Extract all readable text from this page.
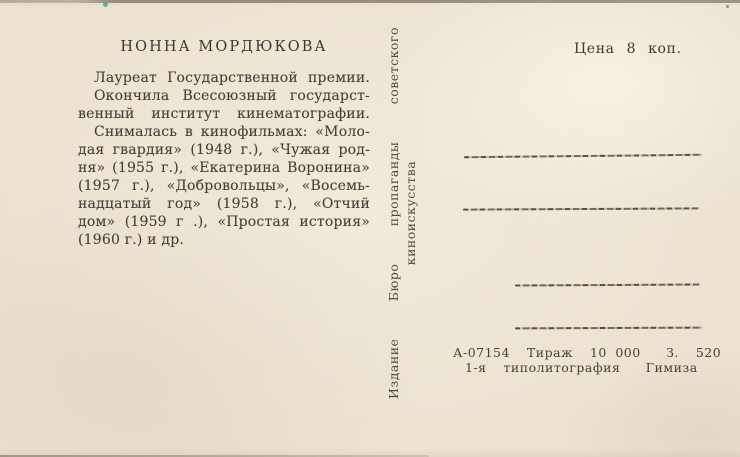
НОННА МОРДЮКОВА	Цена 8 коп.
Лауреат Государственной премии.
Окончила Всесоюзный государст-
венный институт кинематографии.
Снималась в кинофильмах: «Моло-
дая гвардия» (1948 г.), «Чужая род-
ня» (1955 г.), «Екатерина Воронина»
(1957 г.), «Добровольцы», «Восемь-
надцатый год» (1958 г.), «Отчий
дом» (1959 г .), «Простая история»
(1960 г.) и др.
Издание
Бюро
пропаганды
советского
киноискусства
А-07154  Тираж  10 000   З.  520
1-я  типолитография   Гимиза
